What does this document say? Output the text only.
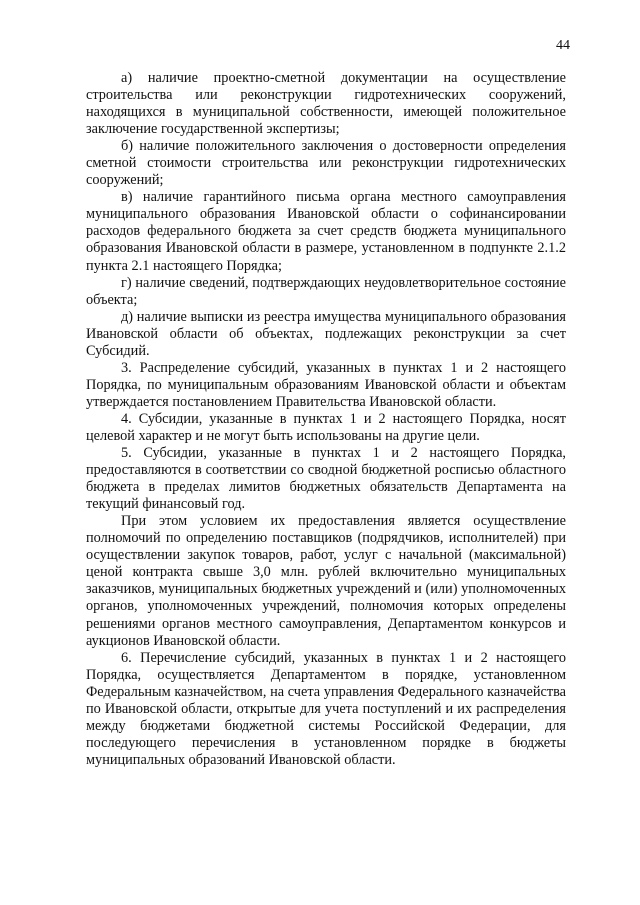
44

а) наличие проектно-сметной документации на осуществление строительства или реконструкции гидротехнических сооружений, находящихся в муниципальной собственности, имеющей положительное заключение государственной экспертизы;

б) наличие положительного заключения о достоверности определения сметной стоимости строительства или реконструкции гидротехнических сооружений;

в) наличие гарантийного письма органа местного самоуправления муниципального образования Ивановской области о софинансировании расходов федерального бюджета за счет средств бюджета муниципального образования Ивановской области в размере, установленном в подпункте 2.1.2 пункта 2.1 настоящего Порядка;

г) наличие сведений, подтверждающих неудовлетворительное состояние объекта;

д) наличие выписки из реестра имущества муниципального образования Ивановской области об объектах, подлежащих реконструкции за счет Субсидий.

3. Распределение субсидий, указанных в пунктах 1 и 2 настоящего Порядка, по муниципальным образованиям Ивановской области и объектам утверждается постановлением Правительства Ивановской области.

4. Субсидии, указанные в пунктах 1 и 2 настоящего Порядка, носят целевой характер и не могут быть использованы на другие цели.

5. Субсидии, указанные в пунктах 1 и 2 настоящего Порядка, предоставляются в соответствии со сводной бюджетной росписью областного бюджета в пределах лимитов бюджетных обязательств Департамента на текущий финансовый год.

При этом условием их предоставления является осуществление полномочий по определению поставщиков (подрядчиков, исполнителей) при осуществлении закупок товаров, работ, услуг с начальной (максимальной) ценой контракта свыше 3,0 млн. рублей включительно муниципальных заказчиков, муниципальных бюджетных учреждений и (или) уполномоченных органов, уполномоченных учреждений, полномочия которых определены решениями органов местного самоуправления, Департаментом конкурсов и аукционов Ивановской области.

6. Перечисление субсидий, указанных в пунктах 1 и 2 настоящего Порядка, осуществляется Департаментом в порядке, установленном Федеральным казначейством, на счета управления Федерального казначейства по Ивановской области, открытые для учета поступлений и их распределения между бюджетами бюджетной системы Российской Федерации, для последующего перечисления в установленном порядке в бюджеты муниципальных образований Ивановской области.
